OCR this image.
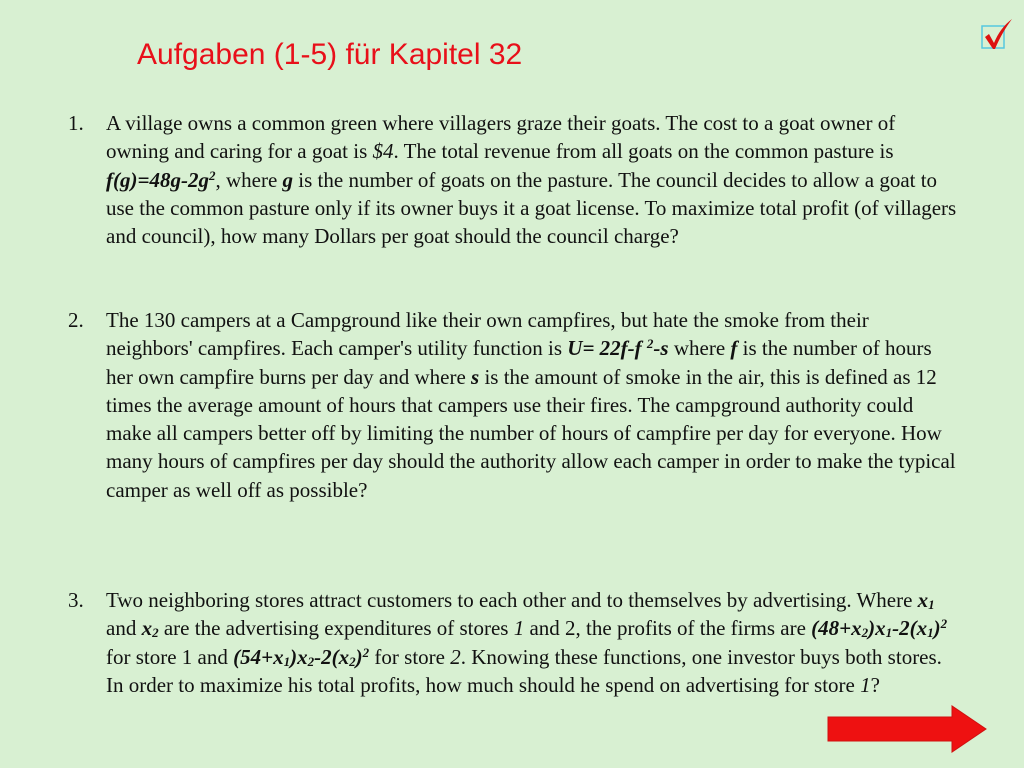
Aufgaben (1-5) für Kapitel 32
1.	A village owns a common green where villagers graze their goats. The cost to a goat owner of owning and caring for a goat is $4. The total revenue from all goats on the common pasture is $f(g)=48g-2g^2$, where g is the number of goats on the pasture. The council decides to allow a goat to use the common pasture only if its owner buys it a goat license. To maximize total profit (of villagers and council), how many Dollars per goat should the council charge?
2.	The 130 campers at a Campground like their own campfires, but hate the smoke from their neighbors' campfires. Each camper's utility function is U= 22f-f $^2$-s where f is the number of hours her own campfire burns per day and where s is the amount of smoke in the air, this is defined as 12 times the average amount of hours that campers use their fires. The campground authority could make all campers better off by limiting the number of hours of campfire per day for everyone. How many hours of campfires per day should the authority allow each camper in order to make the typical camper as well off as possible?
3.	Two neighboring stores attract customers to each other and to themselves by advertising. Where $x_1$ and $x_2$ are the advertising expenditures of stores 1 and 2, the profits of the firms are $(48+x_2)x_1-2(x_1)^2$ for store 1 and $(54+x_1)x_2-2(x_2)^2$ for store 2. Knowing these functions, one investor buys both stores. In order to maximize his total profits, how much should he spend on advertising for store 1?
